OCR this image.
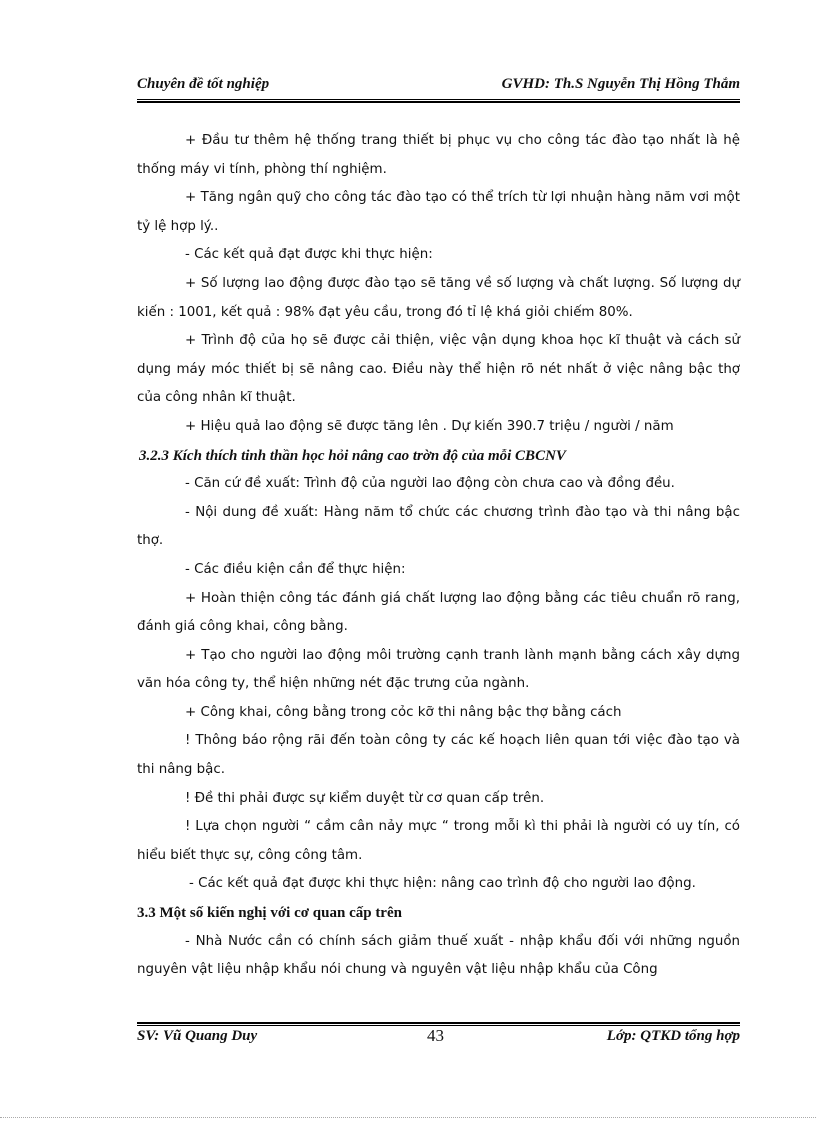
Chuyên đề tốt nghiệp	GVHD: Th.S Nguyễn Thị Hồng Thắm

+ Đầu tư thêm hệ thống trang thiết bị phục vụ cho công tác đào tạo nhất là hệ thống máy vi tính, phòng thí nghiệm.

+ Tăng ngân quỹ cho công tác đào tạo có thể trích từ lợi nhuận hàng năm vơi một tỷ lệ hợp lý..

- Các kết quả đạt được khi thực hiện:

+ Số lượng lao động được đào tạo sẽ tăng về số lượng và chất lượng. Số lượng dự kiến : 1001, kết quả : 98% đạt yêu cầu, trong đó tỉ lệ khá giỏi chiếm 80%.

+ Trình độ của họ sẽ được cải thiện, việc vận dụng khoa học kĩ thuật và cách sử dụng máy móc thiết bị sẽ nâng cao. Điều này thể hiện rõ nét nhất ở việc nâng bậc thợ của công nhân kĩ thuật.

+ Hiệu quả lao động sẽ được tăng lên . Dự kiến 390.7 triệu / người / năm

3.2.3 Kích thích tinh thần học hỏi nâng cao trờn độ của mỗi CBCNV

- Căn cứ đề xuất: Trình độ của người lao động còn chưa cao và đồng đều.

- Nội dung đề xuất: Hàng năm tổ chức các chương trình đào tạo và thi nâng bậc thợ.

- Các điều kiện cần để thực hiện:

+ Hoàn thiện công tác đánh giá chất lượng lao động bằng các tiêu chuẩn rõ rang, đánh giá công khai, công bằng.

+ Tạo cho người lao động môi trường cạnh tranh lành mạnh bằng cách xây dựng văn hóa công ty, thể hiện những nét đặc trưng của ngành.

+ Công khai, công bằng trong cỏc kỡ thi nâng bậc thợ bằng cách

! Thông báo rộng rãi đến toàn công ty các kế hoạch liên quan tới việc đào tạo và thi nâng bậc.

! Đề thi phải được sự kiểm duyệt từ cơ quan cấp trên.

! Lựa chọn người “ cầm cân nảy mực “ trong mỗi kì thi phải là người có uy tín, có hiểu biết thực sự, công công tâm.

- Các kết quả đạt được khi thực hiện: nâng cao trình độ cho người lao động.

3.3 Một số kiến nghị với cơ quan cấp trên

- Nhà Nước cần có chính sách giảm thuế xuất - nhập khẩu đối với những nguồn nguyên vật liệu nhập khẩu nói chung và nguyên vật liệu nhập khẩu của Công

SV: Vũ Quang Duy	43	Lớp: QTKD tổng hợp
